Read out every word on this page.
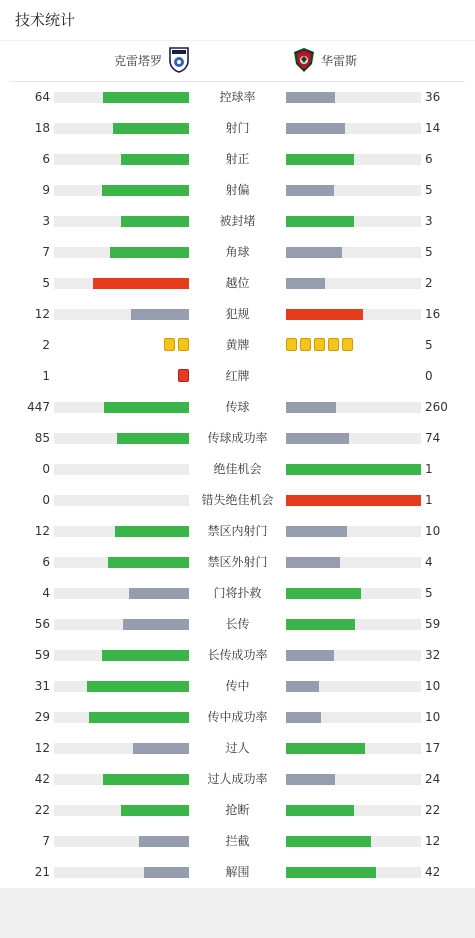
技术统计
克雷塔罗	华雷斯
64	控球率	36
18	射门	14
6	射正	6
9	射偏	5
3	被封堵	3
7	角球	5
5	越位	2
12	犯规	16
2	黄牌	5
1	红牌	0
447	传球	260
85	传球成功率	74
0	绝佳机会	1
0	错失绝佳机会	1
12	禁区内射门	10
6	禁区外射门	4
4	门将扑救	5
56	长传	59
59	长传成功率	32
31	传中	10
29	传中成功率	10
12	过人	17
42	过人成功率	24
22	抢断	22
7	拦截	12
21	解围	42
